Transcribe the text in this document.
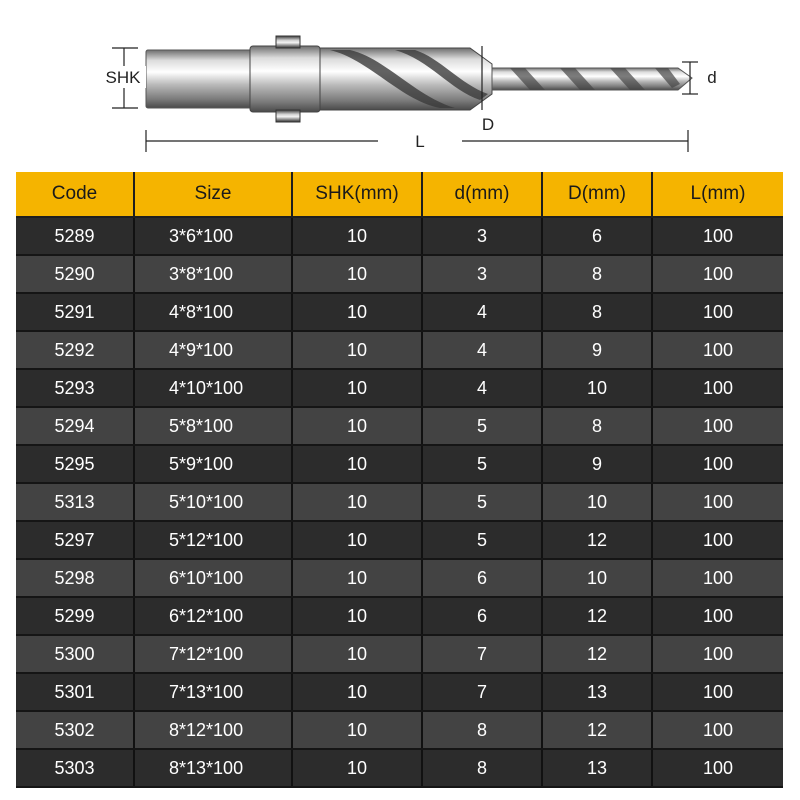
SHK
D
d
L
Code	Size	SHK(mm)	d(mm)	D(mm)	L(mm)
5289	3*6*100	10	3	6	100
5290	3*8*100	10	3	8	100
5291	4*8*100	10	4	8	100
5292	4*9*100	10	4	9	100
5293	4*10*100	10	4	10	100
5294	5*8*100	10	5	8	100
5295	5*9*100	10	5	9	100
5313	5*10*100	10	5	10	100
5297	5*12*100	10	5	12	100
5298	6*10*100	10	6	10	100
5299	6*12*100	10	6	12	100
5300	7*12*100	10	7	12	100
5301	7*13*100	10	7	13	100
5302	8*12*100	10	8	12	100
5303	8*13*100	10	8	13	100
